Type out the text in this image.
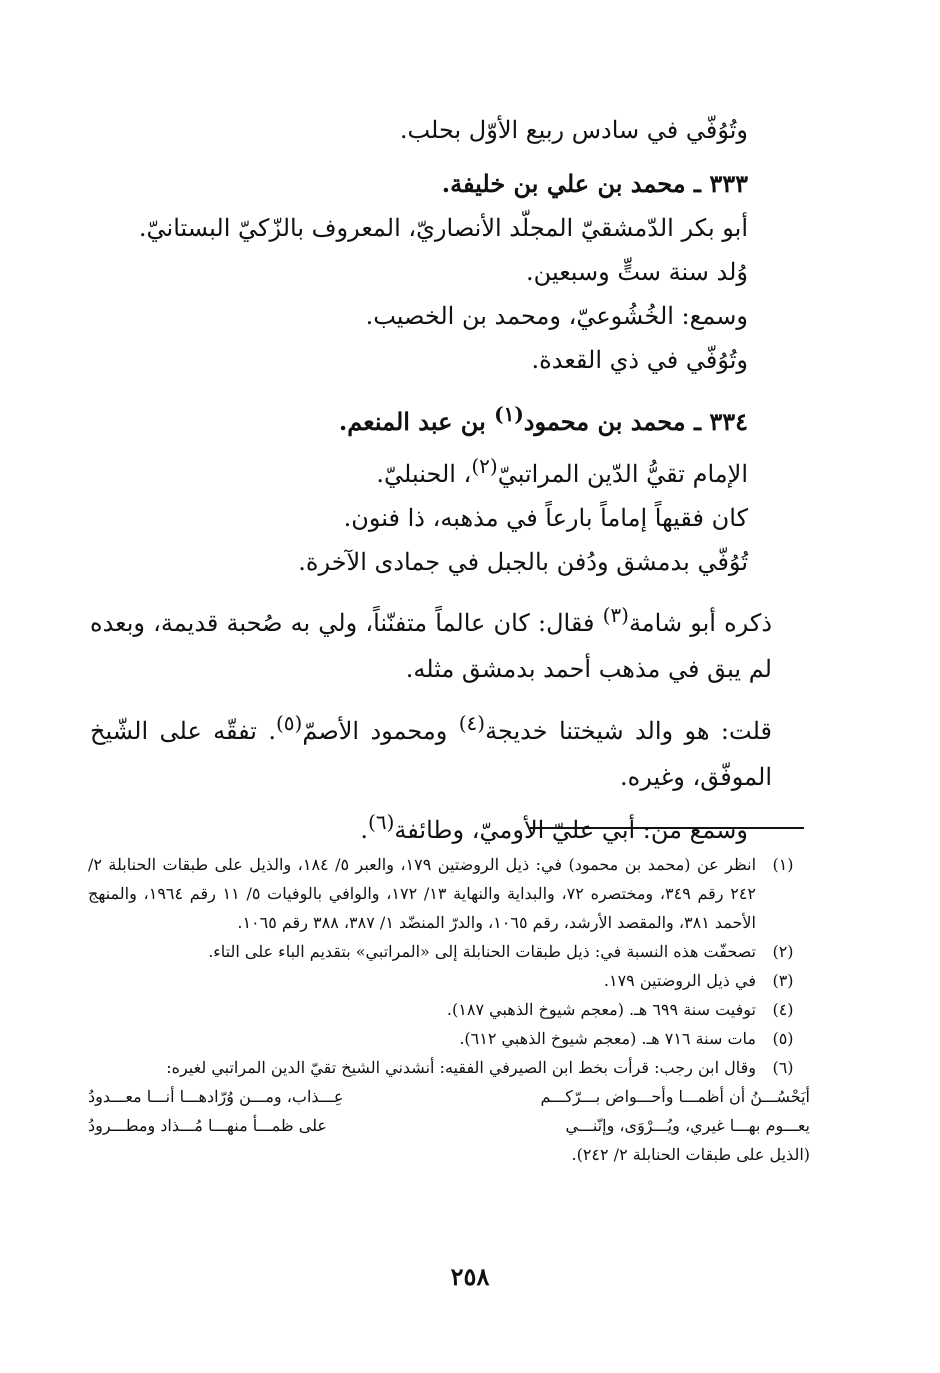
وتُوُفّي في سادس ربيع الأوّل بحلب.
٣٣٣ ـ محمد بن علي بن خليفة.
أبو بكر الدّمشقيّ المجلّد الأنصاريّ، المعروف بالزّكيّ البستانيّ.
وُلد سنة ستٍّ وسبعين.
وسمع: الخُشُوعيّ، ومحمد بن الخصيب.
وتُوُفّي في ذي القعدة.
٣٣٤ ـ محمد بن محمود$^{(١)}$ بن عبد المنعم.
الإمام تقيُّ الدّين المراتبيّ$^{(٢)}$، الحنبليّ.
كان فقيهاً إماماً بارعاً في مذهبه، ذا فنون.
تُوُفّي بدمشق ودُفن بالجبل في جمادى الآخرة.
ذكره أبو شامة$^{(٣)}$ فقال: كان عالماً متفنّناً، ولي به صُحبة قديمة، وبعده لم يبق في مذهب أحمد بدمشق مثله.
قلت: هو والد شيختنا خديجة$^{(٤)}$ ومحمود الأصمّ$^{(٥)}$. تفقّه على الشّيخ الموفّق، وغيره.
وسمع من: أبي عليّ الأوميّ، وطائفة$^{(٦)}$.
(١)
انظر عن (محمد بن محمود) في: ذيل الروضتين ١٧٩، والعبر ٥/ ١٨٤، والذيل على طبقات الحنابلة ٢/ ٢٤٢ رقم ٣٤٩، ومختصره ٧٢، والبداية والنهاية ١٣/ ١٧٢، والوافي بالوفيات ٥/ ١١ رقم ١٩٦٤، والمنهج الأحمد ٣٨١، والمقصد الأرشد، رقم ١٠٦٥، والدرّ المنضّد ١/ ٣٨٧، ٣٨٨ رقم ١٠٦٥.
(٢)
تصحفّت هذه النسبة في: ذيل طبقات الحنابلة إلى «المراتبي» بتقديم الباء على التاء.
(٣)
في ذيل الروضتين ١٧٩.
(٤)
توفيت سنة ٦٩٩ هـ. (معجم شيوخ الذهبي ١٨٧).
(٥)
مات سنة ٧١٦ هـ. (معجم شيوخ الذهبي ٦١٢).
(٦)
وقال ابن رجب: قرأت بخط ابن الصيرفي الفقيه: أنشدني الشيخ تقيّ الدين المراتبي لغيره:
أيَحْسُـــنُ أن أظمـــا وأحـــواض بـــرّكـــم
عِـــذاب، ومـــن وُرّادهـــا أنـــا معـــدودُ
يعـــوم بهـــا غيري، ويُـــرْوَى، وإنّنـــي
على ظمـــأ منهـــا مُـــذاد ومطـــرودُ
(الذيل على طبقات الحنابلة ٢/ ٢٤٢).
٢٥٨
